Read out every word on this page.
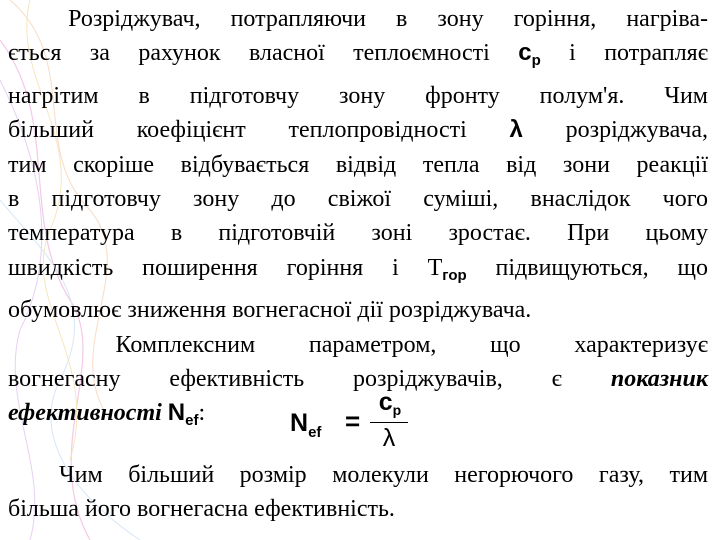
Розріджувач, потрапляючи в зону горіння, нагріва-
ється за рахунок власної теплоємності $c_p$ і потрапляє
нагрітим в підготовчу зону фронту полум'я. Чим
більший коефіцієнт теплопровідності λ розріджувача,
тим скоріше відбувається відвід тепла від зони реакції
в підготовчу зону до свіжої суміші, внаслідок чого
температура в підготовчій зоні зростає. При цьому
швидкість поширення горіння і $Т_{гор}$ підвищуються, що
обумовлює зниження вогнегасної дії розріджувача.
Комплексним параметром, що характеризує
вогнегасну ефективність розріджувачів, є показник
ефективності $N_{ef}$:	$N_{ef}$ =
$c_p$
λ
Чим більший розмір молекули негорючого газу, тим
більша його вогнегасна ефективність.
